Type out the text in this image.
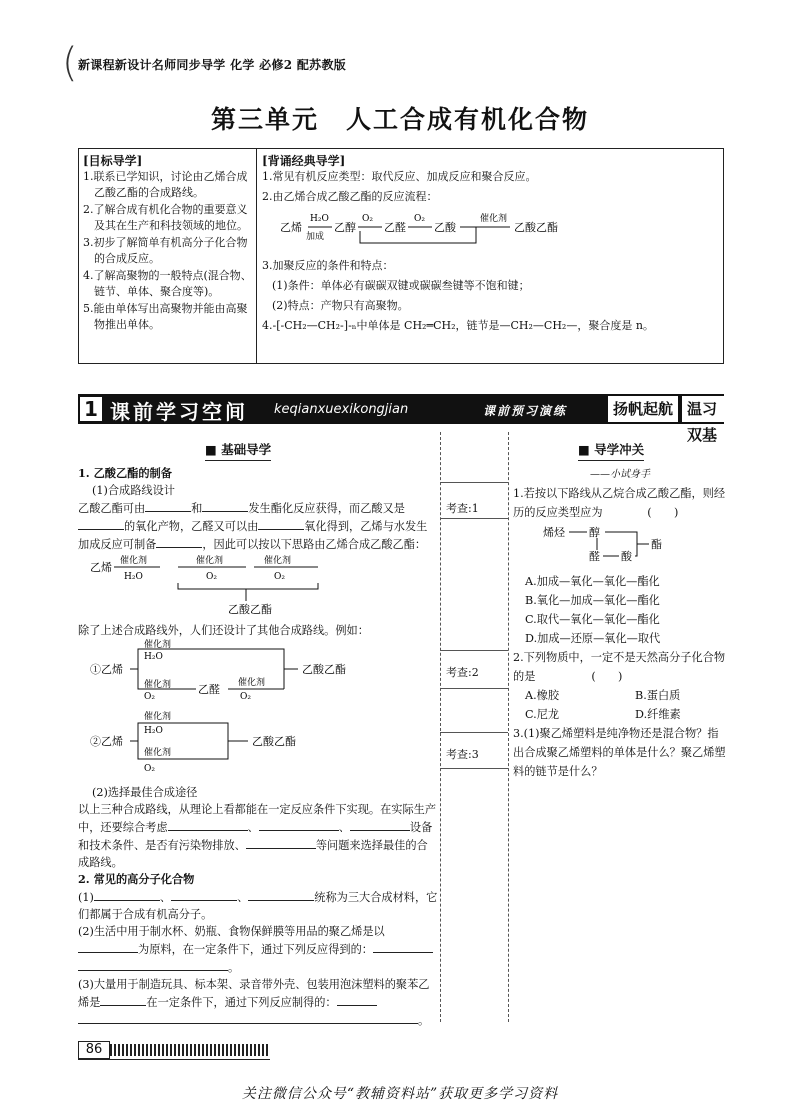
( 新课程新设计名师同步导学 化学 必修2 配苏教版
第三单元　人工合成有机化合物
[目标导学]

1.联系已学知识，讨论由乙烯合成乙酸乙酯的合成路线。

2.了解合成有机化合物的重要意义及其在生产和科技领域的地位。

3.初步了解简单有机高分子化合物的合成反应。

4.了解高聚物的一般特点(混合物、链节、单体、聚合度等)。

5.能由单体写出高聚物并能由高聚物推出单体。

[背诵经典导学]

1.常见有机反应类型：取代反应、加成反应和聚合反应。

2.由乙烯合成乙酸乙酯的反应流程：

乙烯
H₂O
加成
乙醇
O₂
乙醛
O₂
乙酸
催化剂
乙酸乙酯

3.加聚反应的条件和特点：

(1)条件：单体必有碳碳双键或碳碳叁键等不饱和键；

(2)特点：产物只有高聚物。

4.-[-CH₂—CH₂-]-ₙ中单体是 CH₂═CH₂，链节是—CH₂—CH₂—，聚合度是 n。

1 课前学习空间 keqianxuexikongjian	课前预习演练	扬帆起航 温习双基
■ 基础导学	■ 导学冲关

1. 乙酸乙酯的制备

(1)合成路线设计

乙酸乙酯可由	和	发生酯化反应获得，而乙酸又是的氧化产物，乙醛又可以由	氧化得到，乙烯与水发生加成反应可制备	，因此可以按以下思路由乙烯合成乙酸乙酯：

乙烯 催化剂
H₂O
催化剂
O₂
催化剂
O₂
乙酸乙酯

除了上述合成路线外，人们还设计了其他合成路线。例如：

①乙烯
催化剂
H₂O
催化剂
O₂
乙醛 催化剂
O₂
乙酸乙酯
②乙烯
催化剂
H₂O
催化剂
O₂
乙酸乙酯

(2)选择最佳合成途径

以上三种合成路线，从理论上看都能在一定反应条件下实现。在实际生产中，还要综合考虑	、	、	设备和技术条件、是否有污染物排放、	等问题来选择最佳的合成路线。

2. 常见的高分子化合物

(1)	、	、	统称为三大合成材料，它们都属于合成有机高分子。

(2)生活中用于制水杯、奶瓶、食物保鲜膜等用品的聚乙烯是以为原料，在一定条件下，通过下列反应得到的：

。

(3)大量用于制造玩具、标本架、录音带外壳、包装用泡沫塑料的聚苯乙烯是	在一定条件下，通过下列反应制得的：

。

考查:1
考查:2
考查:3

——小试身手

1.若按以下路线从乙烷合成乙酸乙酯，则经历的反应类型应为　　　　(　　)

烯烃 醇
醛 酸
酯

A.加成—氧化—氧化—酯化

B.氧化—加成—氧化—酯化

C.取代—氧化—氧化—酯化

D.加成—还原—氧化—取代

2.下列物质中，一定不是天然高分子化合物的是　　　　　(　　)

A.橡胶	B.蛋白质

C.尼龙	D.纤维素

3.(1)聚乙烯塑料是纯净物还是混合物？指出合成聚乙烯塑料的单体是什么？聚乙烯塑料的链节是什么？

86
关注微信公众号“教辅资料站”获取更多学习资料
